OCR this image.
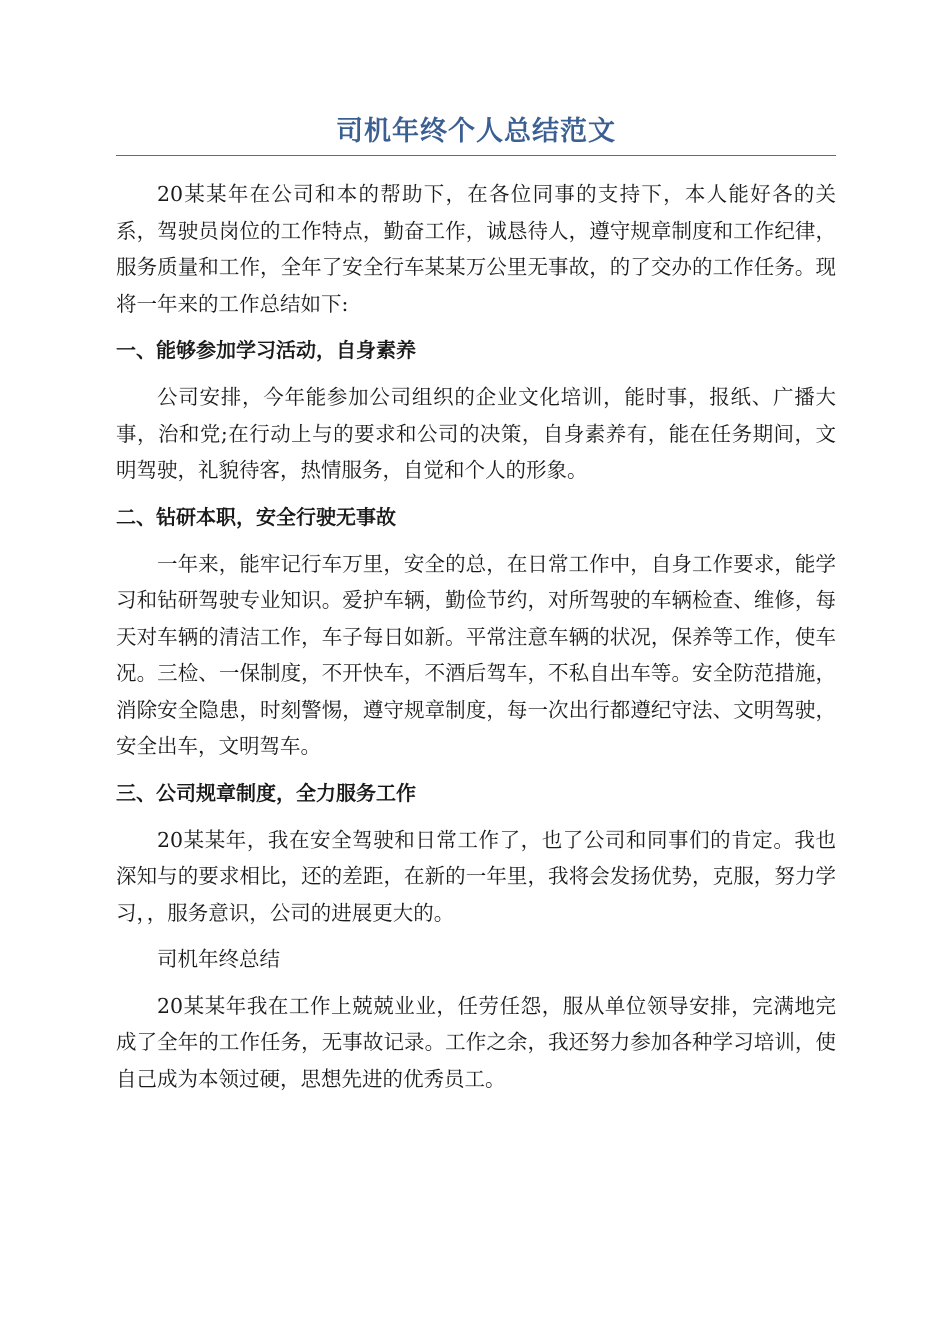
司机年终个人总结范文

20某某年在公司和本的帮助下，在各位同事的支持下，本人能好各的关系，驾驶员岗位的工作特点，勤奋工作，诚恳待人，遵守规章制度和工作纪律，服务质量和工作，全年了安全行车某某万公里无事故，的了交办的工作任务。现将一年来的工作总结如下:

一、能够参加学习活动，自身素养

公司安排，今年能参加公司组织的企业文化培训，能时事，报纸、广播大事，治和党;在行动上与的要求和公司的决策，自身素养有，能在任务期间，文明驾驶，礼貌待客，热情服务，自觉和个人的形象。

二、钻研本职，安全行驶无事故

一年来，能牢记行车万里，安全的总，在日常工作中，自身工作要求，能学习和钻研驾驶专业知识。爱护车辆，勤俭节约，对所驾驶的车辆检查、维修，每天对车辆的清洁工作，车子每日如新。平常注意车辆的状况，保养等工作，使车况。三检、一保制度，不开快车，不酒后驾车，不私自出车等。安全防范措施，消除安全隐患，时刻警惕，遵守规章制度，每一次出行都遵纪守法、文明驾驶，安全出车，文明驾车。

三、公司规章制度，全力服务工作

20某某年，我在安全驾驶和日常工作了，也了公司和同事们的肯定。我也深知与的要求相比，还的差距，在新的一年里，我将会发扬优势，克服，努力学习，，服务意识，公司的进展更大的。

司机年终总结

20某某年我在工作上兢兢业业，任劳任怨，服从单位领导安排，完满地完成了全年的工作任务，无事故记录。工作之余，我还努力参加各种学习培训，使自己成为本领过硬，思想先进的优秀员工。
